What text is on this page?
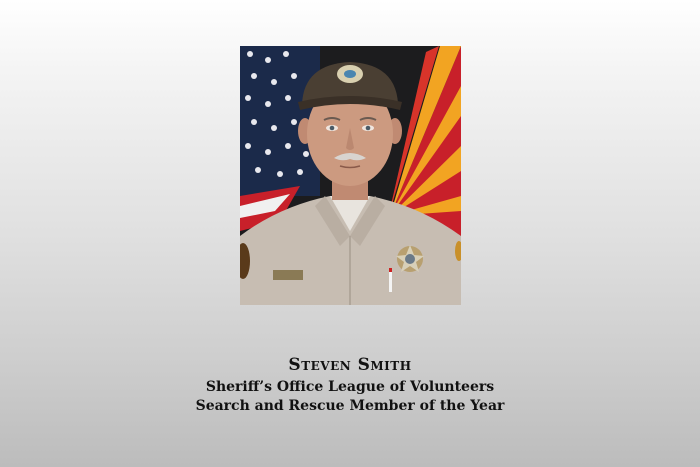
Steven Smith
Sheriff’s Office League of Volunteers
Search and Rescue Member of the Year
